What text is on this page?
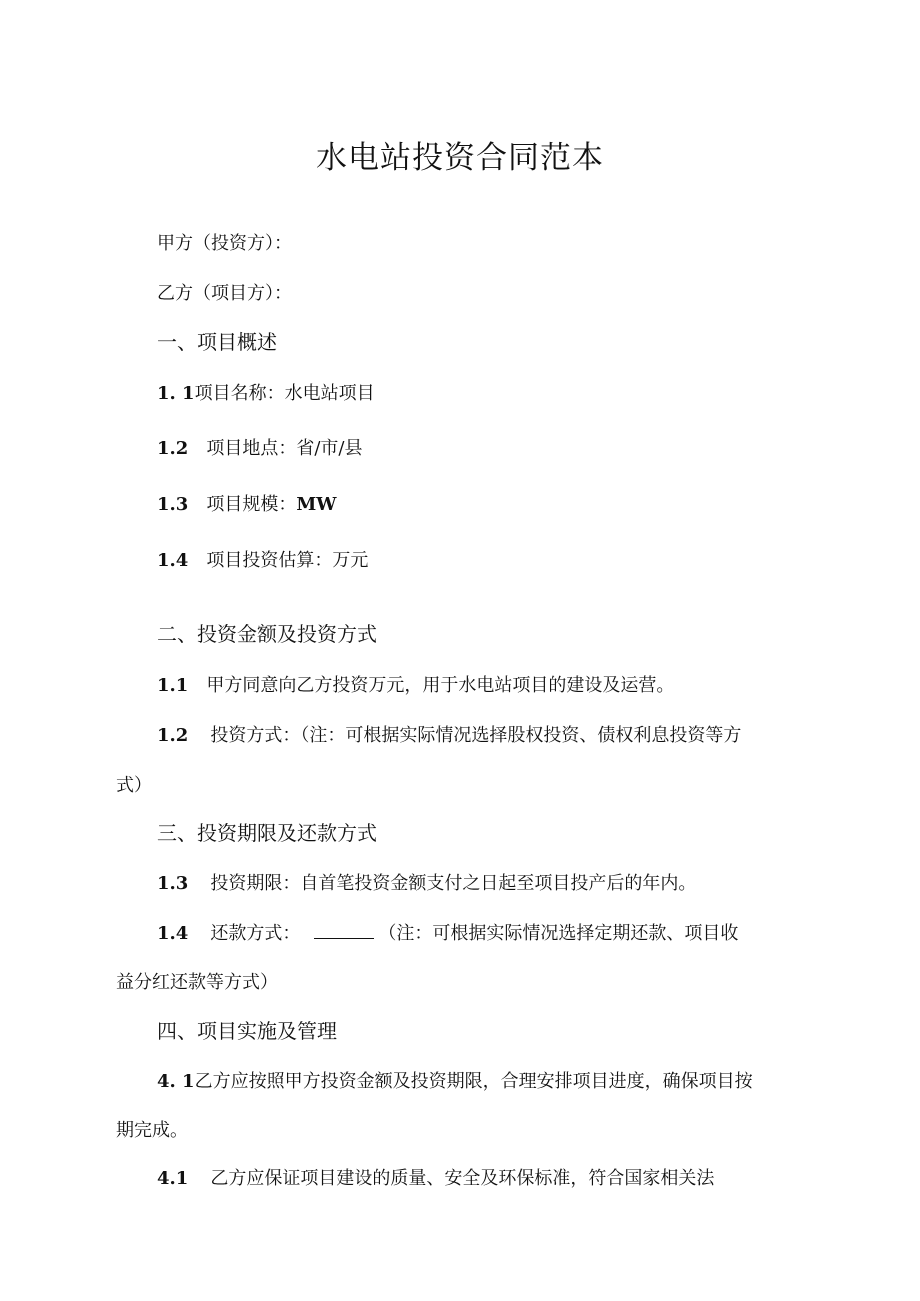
水电站投资合同范本
甲方（投资方）：
乙方（项目方）：
一、项目概述
1. 1项目名称：水电站项目
1.2 项目地点：省/市/县
1.3 项目规模：MW
1.4 项目投资估算：万元
二、投资金额及投资方式
1.1 甲方同意向乙方投资万元，用于水电站项目的建设及运营。
1.2 投资方式：（注：可根据实际情况选择股权投资、债权利息投资等方
式）
三、投资期限及还款方式
1.3 投资期限：自首笔投资金额支付之日起至项目投产后的年内。
1.4 还款方式：	（注：可根据实际情况选择定期还款、项目收
益分红还款等方式）
四、项目实施及管理
4. 1乙方应按照甲方投资金额及投资期限，合理安排项目进度，确保项目按
期完成。
4.1 乙方应保证项目建设的质量、安全及环保标准，符合国家相关法
